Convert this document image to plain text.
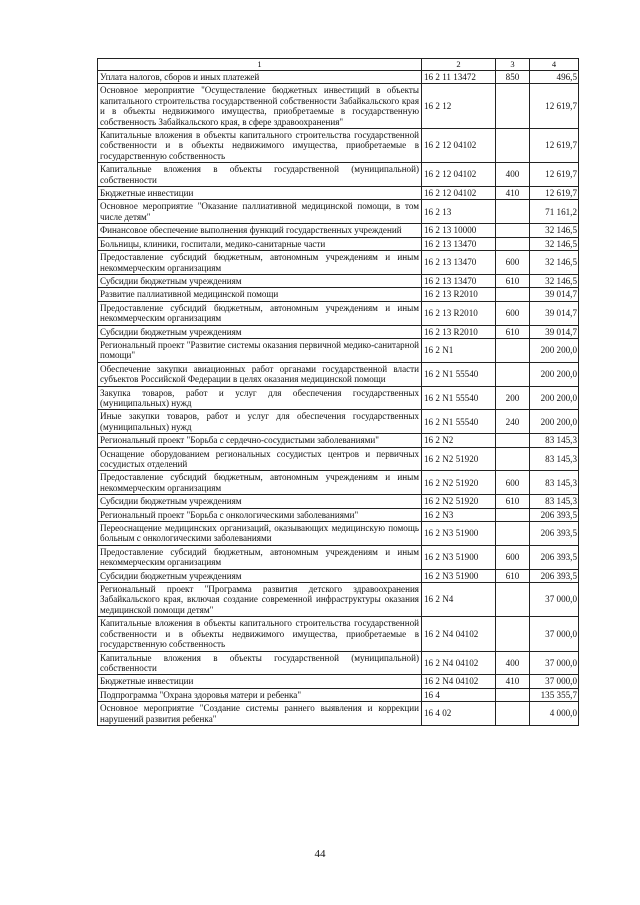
1	2	3	4
Уплата налогов, сборов и иных платежей	16 2 11 13472	850	496,5
Основное мероприятие "Осуществление бюджетных инвестиций в объекты капитального строительства государственной собственности Забайкальского края и в объекты недвижимого имущества, приобретаемые в государственную собственность Забайкальского края, в сфере здравоохранения"	16 2 12		12 619,7
Капитальные вложения в объекты капитального строительства государственной собственности и в объекты недвижимого имущества, приобретаемые в государственную собственность	16 2 12 04102		12 619,7
Капитальные вложения в объекты государственной (муниципальной) собственности	16 2 12 04102	400	12 619,7
Бюджетные инвестиции	16 2 12 04102	410	12 619,7
Основное мероприятие "Оказание паллиативной медицинской помощи, в том числе детям"	16 2 13		71 161,2
Финансовое обеспечение выполнения функций государственных учреждений	16 2 13 10000		32 146,5
Больницы, клиники, госпитали, медико-санитарные части	16 2 13 13470		32 146,5
Предоставление субсидий бюджетным, автономным учреждениям и иным некоммерческим организациям	16 2 13 13470	600	32 146,5
Субсидии бюджетным учреждениям	16 2 13 13470	610	32 146,5
Развитие паллиативной медицинской помощи	16 2 13 R2010		39 014,7
Предоставление субсидий бюджетным, автономным учреждениям и иным некоммерческим организациям	16 2 13 R2010	600	39 014,7
Субсидии бюджетным учреждениям	16 2 13 R2010	610	39 014,7
Региональный проект "Развитие системы оказания первичной медико-санитарной помощи"	16 2 N1		200 200,0
Обеспечение закупки авиационных работ органами государственной власти субъектов Российской Федерации в целях оказания медицинской помощи	16 2 N1 55540		200 200,0
Закупка товаров, работ и услуг для обеспечения государственных (муниципальных) нужд	16 2 N1 55540	200	200 200,0
Иные закупки товаров, работ и услуг для обеспечения государственных (муниципальных) нужд	16 2 N1 55540	240	200 200,0
Региональный проект "Борьба с сердечно-сосудистыми заболеваниями"	16 2 N2		83 145,3
Оснащение оборудованием региональных сосудистых центров и первичных сосудистых отделений	16 2 N2 51920		83 145,3
Предоставление субсидий бюджетным, автономным учреждениям и иным некоммерческим организациям	16 2 N2 51920	600	83 145,3
Субсидии бюджетным учреждениям	16 2 N2 51920	610	83 145,3
Региональный проект "Борьба с онкологическими заболеваниями"	16 2 N3		206 393,5
Переоснащение медицинских организаций, оказывающих медицинскую помощь больным с онкологическими заболеваниями	16 2 N3 51900		206 393,5
Предоставление субсидий бюджетным, автономным учреждениям и иным некоммерческим организациям	16 2 N3 51900	600	206 393,5
Субсидии бюджетным учреждениям	16 2 N3 51900	610	206 393,5
Региональный проект "Программа развития детского здравоохранения Забайкальского края, включая создание современной инфраструктуры оказания медицинской помощи детям"	16 2 N4		37 000,0
Капитальные вложения в объекты капитального строительства государственной собственности и в объекты недвижимого имущества, приобретаемые в государственную собственность	16 2 N4 04102		37 000,0
Капитальные вложения в объекты государственной (муниципальной) собственности	16 2 N4 04102	400	37 000,0
Бюджетные инвестиции	16 2 N4 04102	410	37 000,0
Подпрограмма "Охрана здоровья матери и ребенка"	16 4		135 355,7
Основное мероприятие "Создание системы раннего выявления и коррекции нарушений развития ребенка"	16 4 02		4 000,0
44
